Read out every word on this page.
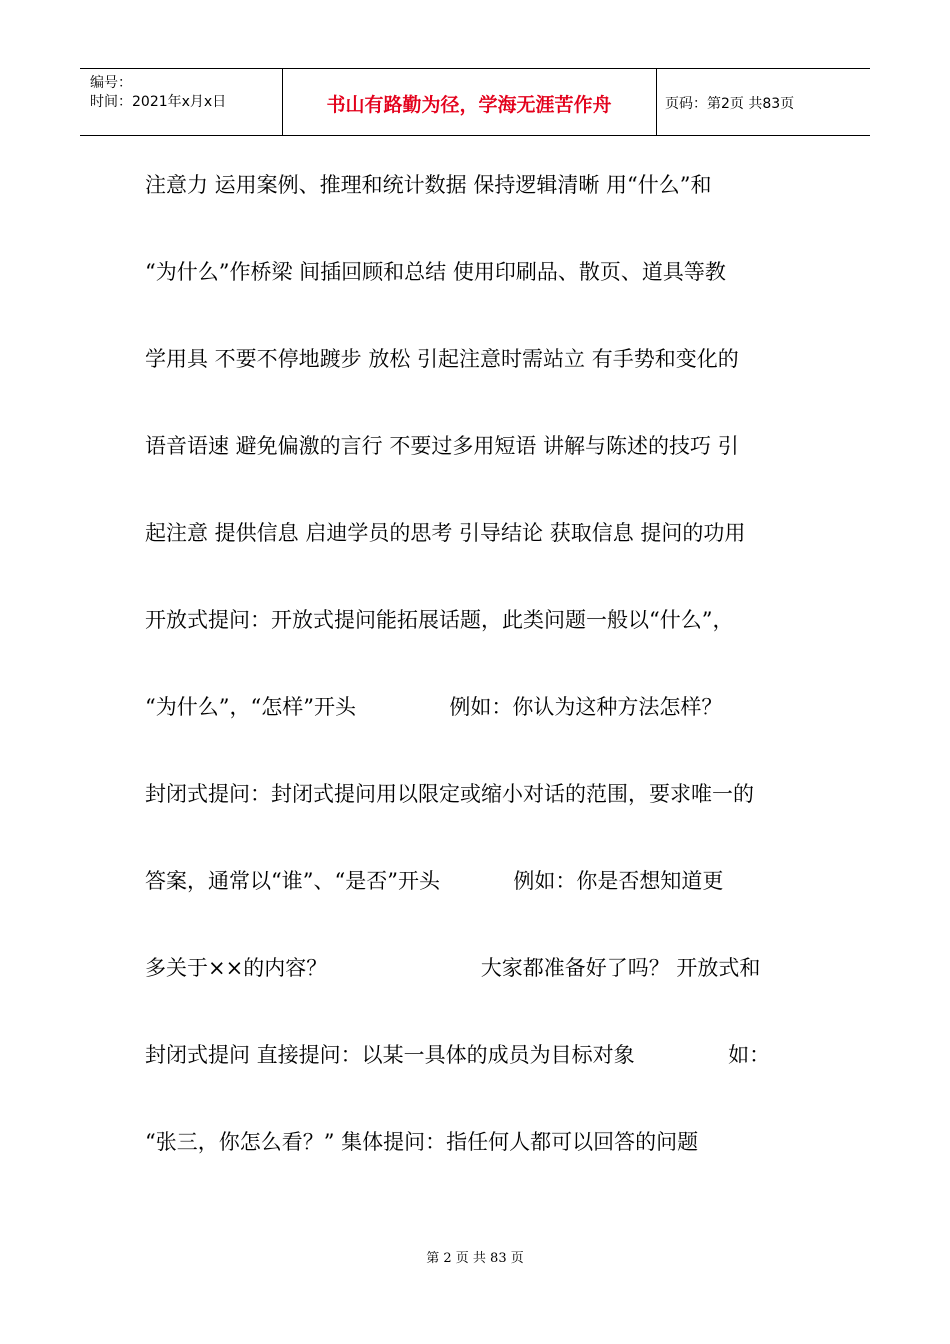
编号：
时间：2021年x月x日	书山有路勤为径，学海无涯苦作舟	页码：第2页 共83页
注意力 运用案例、推理和统计数据 保持逻辑清晰 用“什么”和
“为什么”作桥梁 间插回顾和总结 使用印刷品、散页、道具等教
学用具 不要不停地踱步 放松 引起注意时需站立 有手势和变化的
语音语速 避免偏激的言行 不要过多用短语 讲解与陈述的技巧 引
起注意 提供信息 启迪学员的思考 引导结论 获取信息 提问的功用
开放式提问：开放式提问能拓展话题，此类问题一般以“什么”，
“为什么”，“怎样”开头              例如：你认为这种方法怎样？
封闭式提问：封闭式提问用以限定或缩小对话的范围，要求唯一的
答案，通常以“谁”、“是否”开头           例如：你是否想知道更
多关于××的内容？                       大家都准备好了吗？ 开放式和
封闭式提问 直接提问：以某一具体的成员为目标对象              如：
“张三，你怎么看？” 集体提问：指任何人都可以回答的问题
第 2 页 共 83 页
